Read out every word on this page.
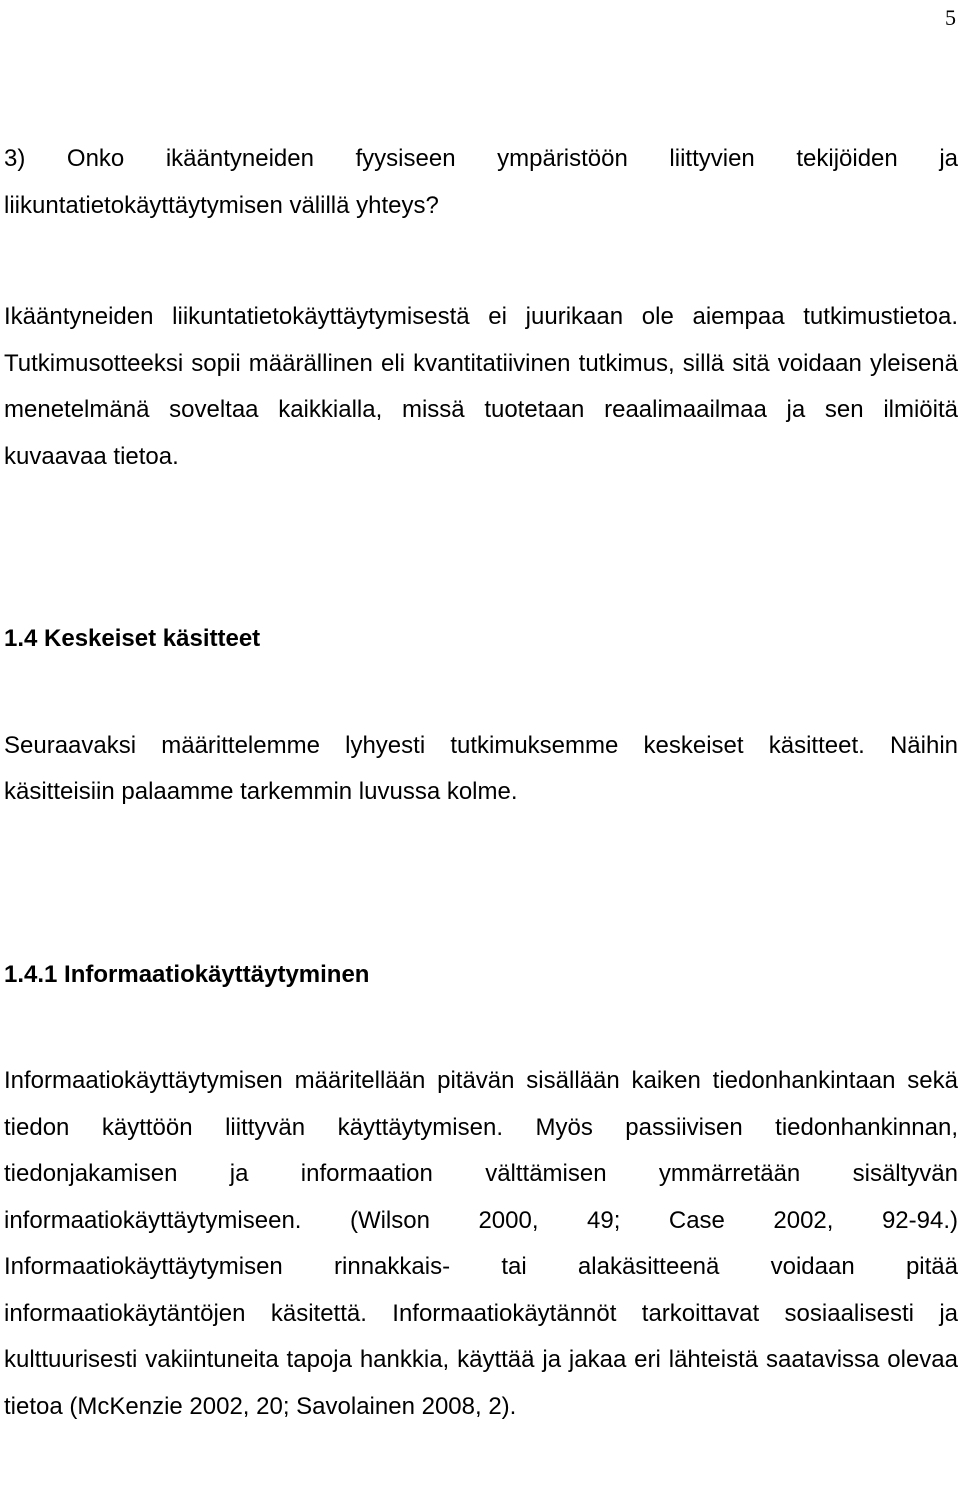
5

3) Onko ikääntyneiden fyysiseen ympäristöön liittyvien tekijöiden ja liikuntatietokäyttäytymisen välillä yhteys?

Ikääntyneiden liikuntatietokäyttäytymisestä ei juurikaan ole aiempaa tutkimustietoa. Tutkimusotteeksi sopii määrällinen eli kvantitatiivinen tutkimus, sillä sitä voidaan yleisenä menetelmänä soveltaa kaikkialla, missä tuotetaan reaalimaailmaa ja sen ilmiöitä kuvaavaa tietoa.

1.4 Keskeiset käsitteet

Seuraavaksi määrittelemme lyhyesti tutkimuksemme keskeiset käsitteet. Näihin käsitteisiin palaamme tarkemmin luvussa kolme.

1.4.1 Informaatiokäyttäytyminen

Informaatiokäyttäytymisen määritellään pitävän sisällään kaiken tiedonhankintaan sekä tiedon käyttöön liittyvän käyttäytymisen. Myös passiivisen tiedonhankinnan, tiedonjakamisen ja informaation välttämisen ymmärretään sisältyvän informaatiokäyttäytymiseen. (Wilson 2000, 49; Case 2002, 92-94.) Informaatiokäyttäytymisen rinnakkais- tai alakäsitteenä voidaan pitää informaatiokäytäntöjen käsitettä. Informaatiokäytännöt tarkoittavat sosiaalisesti ja kulttuurisesti vakiintuneita tapoja hankkia, käyttää ja jakaa eri lähteistä saatavissa olevaa tietoa (McKenzie 2002, 20; Savolainen 2008, 2).
